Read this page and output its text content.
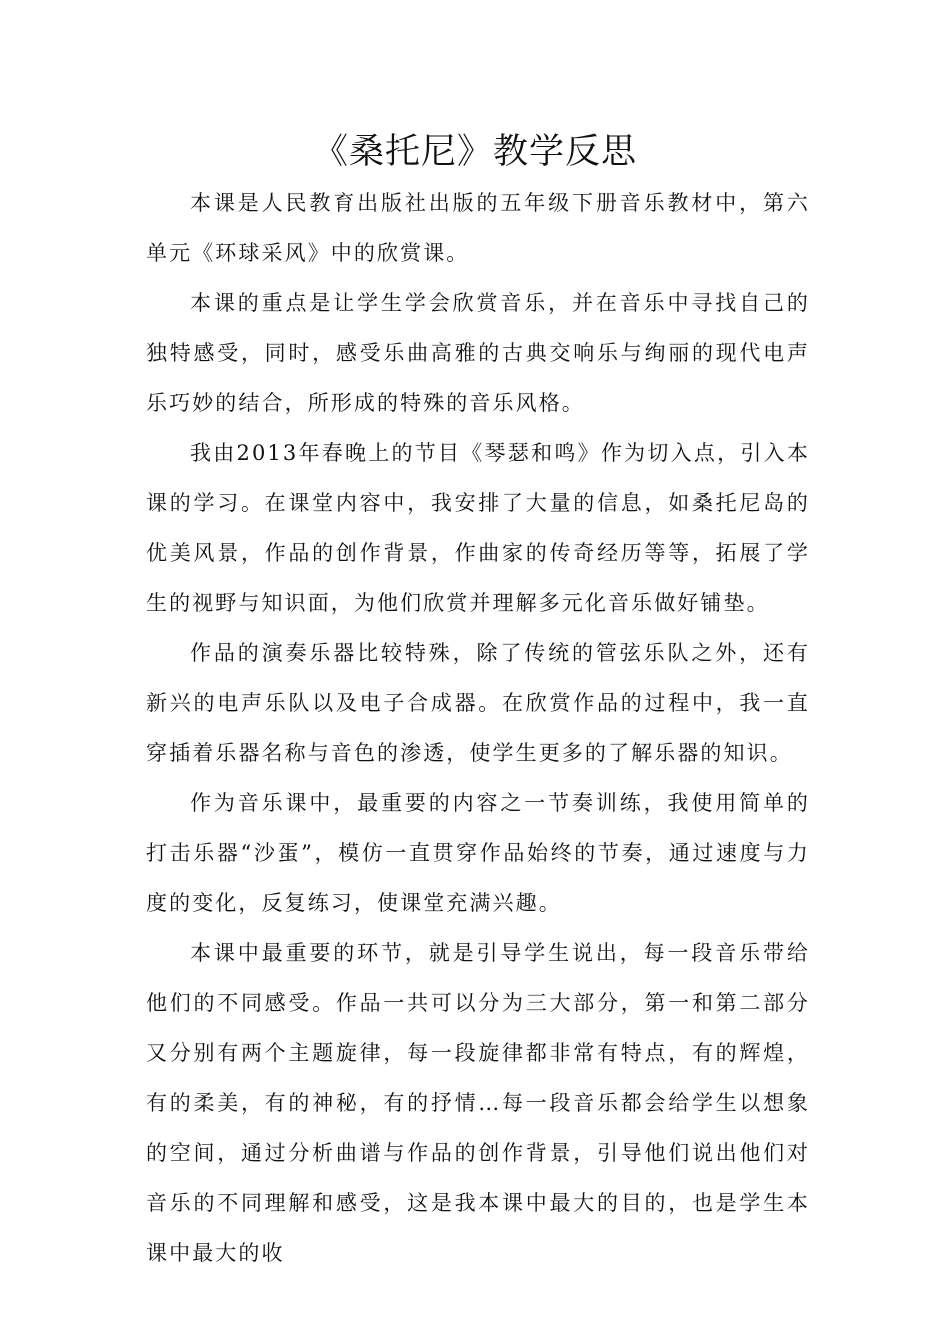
《桑托尼》教学反思

本课是人民教育出版社出版的五年级下册音乐教材中，第六单元《环球采风》中的欣赏课。

本课的重点是让学生学会欣赏音乐，并在音乐中寻找自己的独特感受，同时，感受乐曲高雅的古典交响乐与绚丽的现代电声乐巧妙的结合，所形成的特殊的音乐风格。

我由2013年春晚上的节目《琴瑟和鸣》作为切入点，引入本课的学习。在课堂内容中，我安排了大量的信息，如桑托尼岛的优美风景，作品的创作背景，作曲家的传奇经历等等，拓展了学生的视野与知识面，为他们欣赏并理解多元化音乐做好铺垫。

作品的演奏乐器比较特殊，除了传统的管弦乐队之外，还有新兴的电声乐队以及电子合成器。在欣赏作品的过程中，我一直穿插着乐器名称与音色的渗透，使学生更多的了解乐器的知识。

作为音乐课中，最重要的内容之一节奏训练，我使用简单的打击乐器“沙蛋”，模仿一直贯穿作品始终的节奏，通过速度与力度的变化，反复练习，使课堂充满兴趣。

本课中最重要的环节，就是引导学生说出，每一段音乐带给他们的不同感受。作品一共可以分为三大部分，第一和第二部分又分别有两个主题旋律，每一段旋律都非常有特点，有的辉煌，有的柔美，有的神秘，有的抒情…每一段音乐都会给学生以想象的空间，通过分析曲谱与作品的创作背景，引导他们说出他们对音乐的不同理解和感受，这是我本课中最大的目的，也是学生本课中最大的收
